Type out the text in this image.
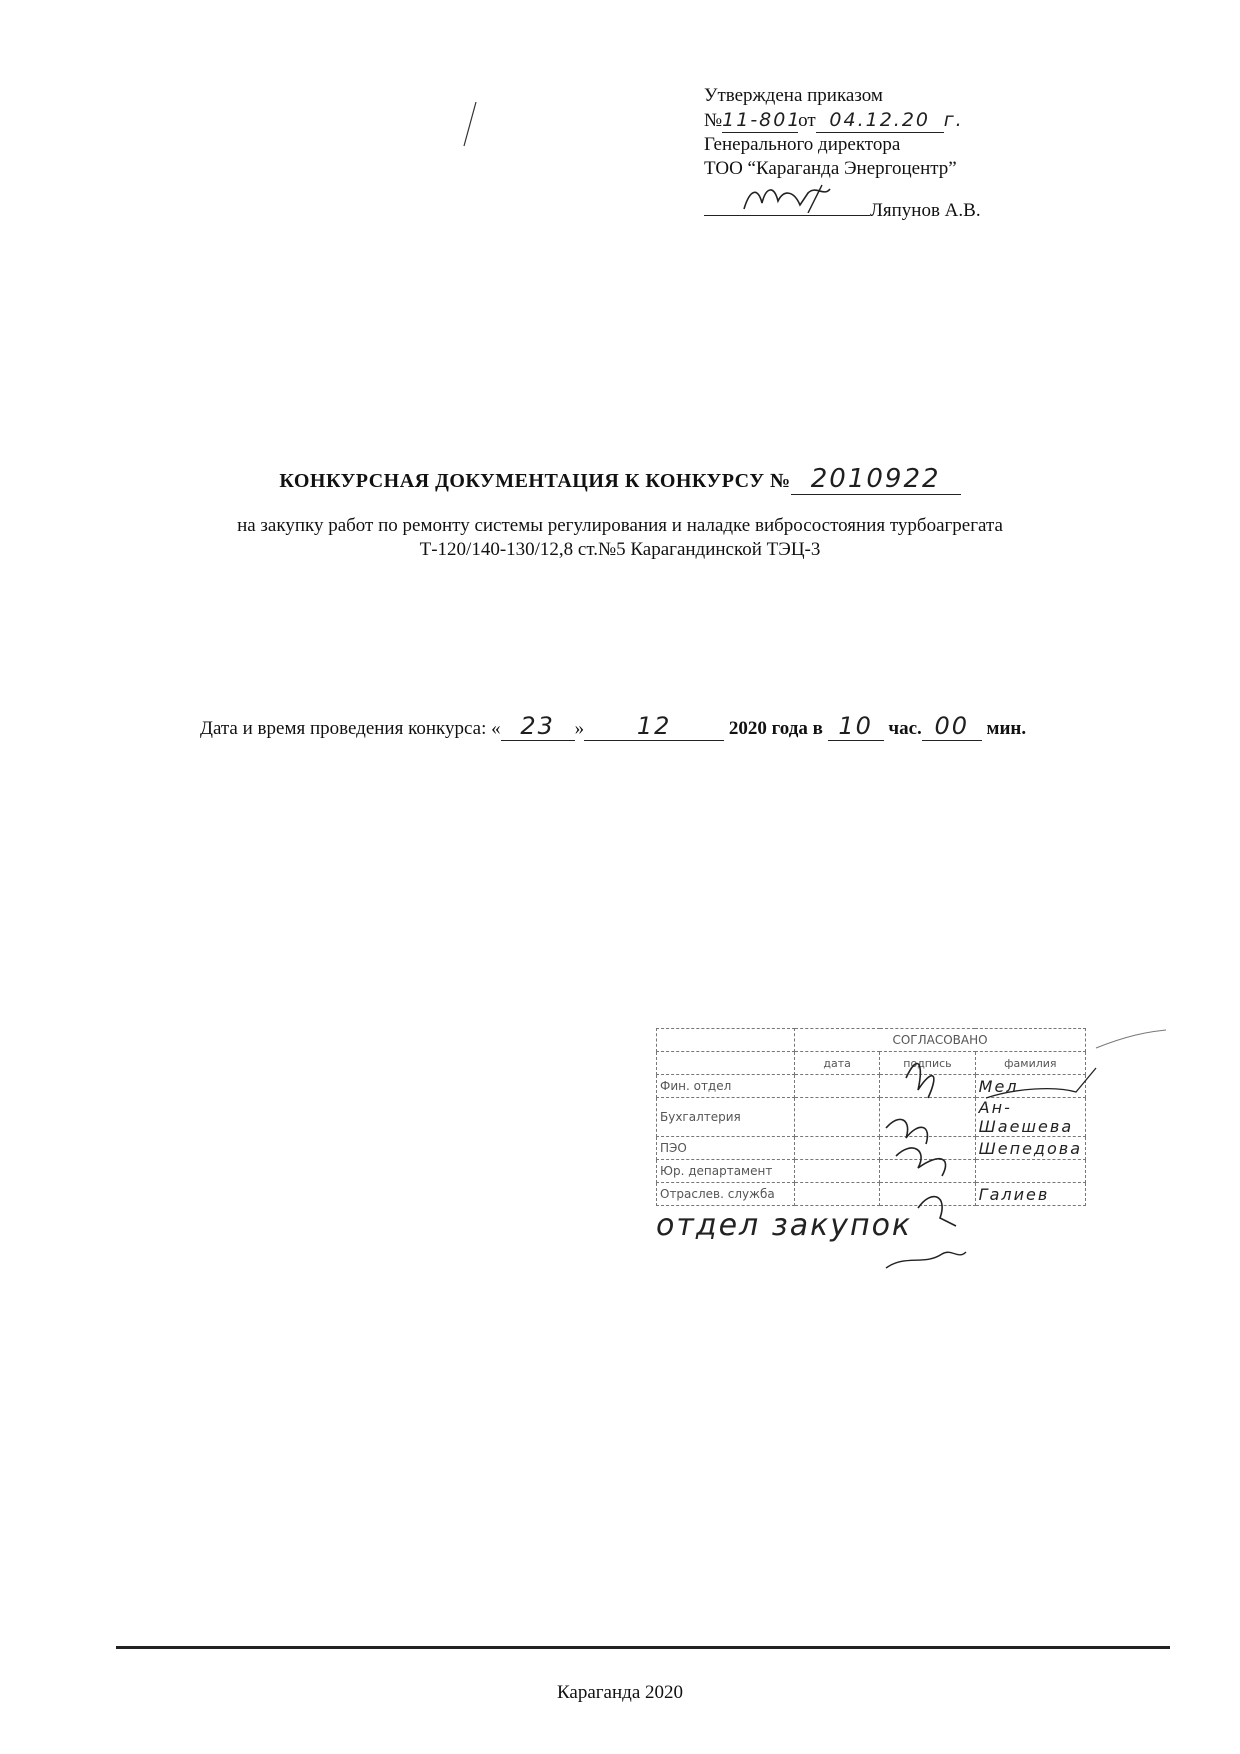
Утверждена приказом
№11-801от 04.12.20 г.
Генерального директора
ТОО “Караганда Энергоцентр”
Ляпунов А.В.
КОНКУРСНАЯ ДОКУМЕНТАЦИЯ К КОНКУРСУ № 2010922
на закупку работ по ремонту системы регулирования и наладке вибросостояния турбоагрегата
Т-120/140-130/12,8 ст.№5 Карагандинской ТЭЦ-3
Дата и время проведения конкурса: « 23 » 12	2020 года в 10 час. 00 мин.
	СОГЛАСОВАНО		
	дата	подпись	фамилия
Фин. отдел			Мел
Бухгалтерия			Ан-Шаешева
ПЭО			Шепедова
Юр. департамент			
Отраслев. служба			Галиев
отдел закупок
Караганда 2020
